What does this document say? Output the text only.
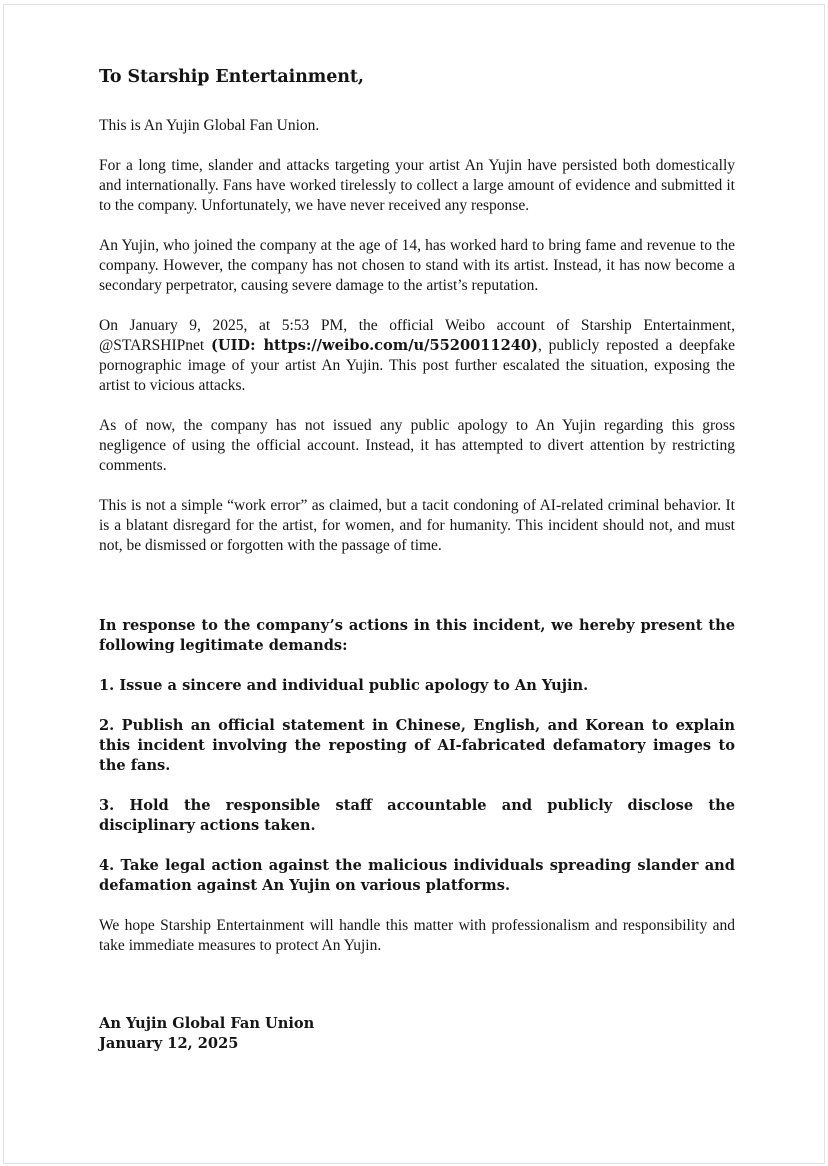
To Starship Entertainment,

This is An Yujin Global Fan Union.

For a long time, slander and attacks targeting your artist An Yujin have persisted both domestically and internationally. Fans have worked tirelessly to collect a large amount of evidence and submitted it to the company. Unfortunately, we have never received any response.

An Yujin, who joined the company at the age of 14, has worked hard to bring fame and revenue to the company. However, the company has not chosen to stand with its artist. Instead, it has now become a secondary perpetrator, causing severe damage to the artist’s reputation.

On January 9, 2025, at 5:53 PM, the official Weibo account of Starship Entertainment, @STARSHIPnet (UID: https://weibo.com/u/5520011240), publicly reposted a deepfake pornographic image of your artist An Yujin. This post further escalated the situation, exposing the artist to vicious attacks.

As of now, the company has not issued any public apology to An Yujin regarding this gross negligence of using the official account. Instead, it has attempted to divert attention by restricting comments.

This is not a simple “work error” as claimed, but a tacit condoning of AI-related criminal behavior. It is a blatant disregard for the artist, for women, and for humanity. This incident should not, and must not, be dismissed or forgotten with the passage of time.

In response to the company’s actions in this incident, we hereby present the following legitimate demands:

1. Issue a sincere and individual public apology to An Yujin.

2. Publish an official statement in Chinese, English, and Korean to explain this incident involving the reposting of AI-fabricated defamatory images to the fans.

3. Hold the responsible staff accountable and publicly disclose the disciplinary actions taken.

4. Take legal action against the malicious individuals spreading slander and defamation against An Yujin on various platforms.

We hope Starship Entertainment will handle this matter with professionalism and responsibility and take immediate measures to protect An Yujin.

An Yujin Global Fan Union
January 12, 2025
